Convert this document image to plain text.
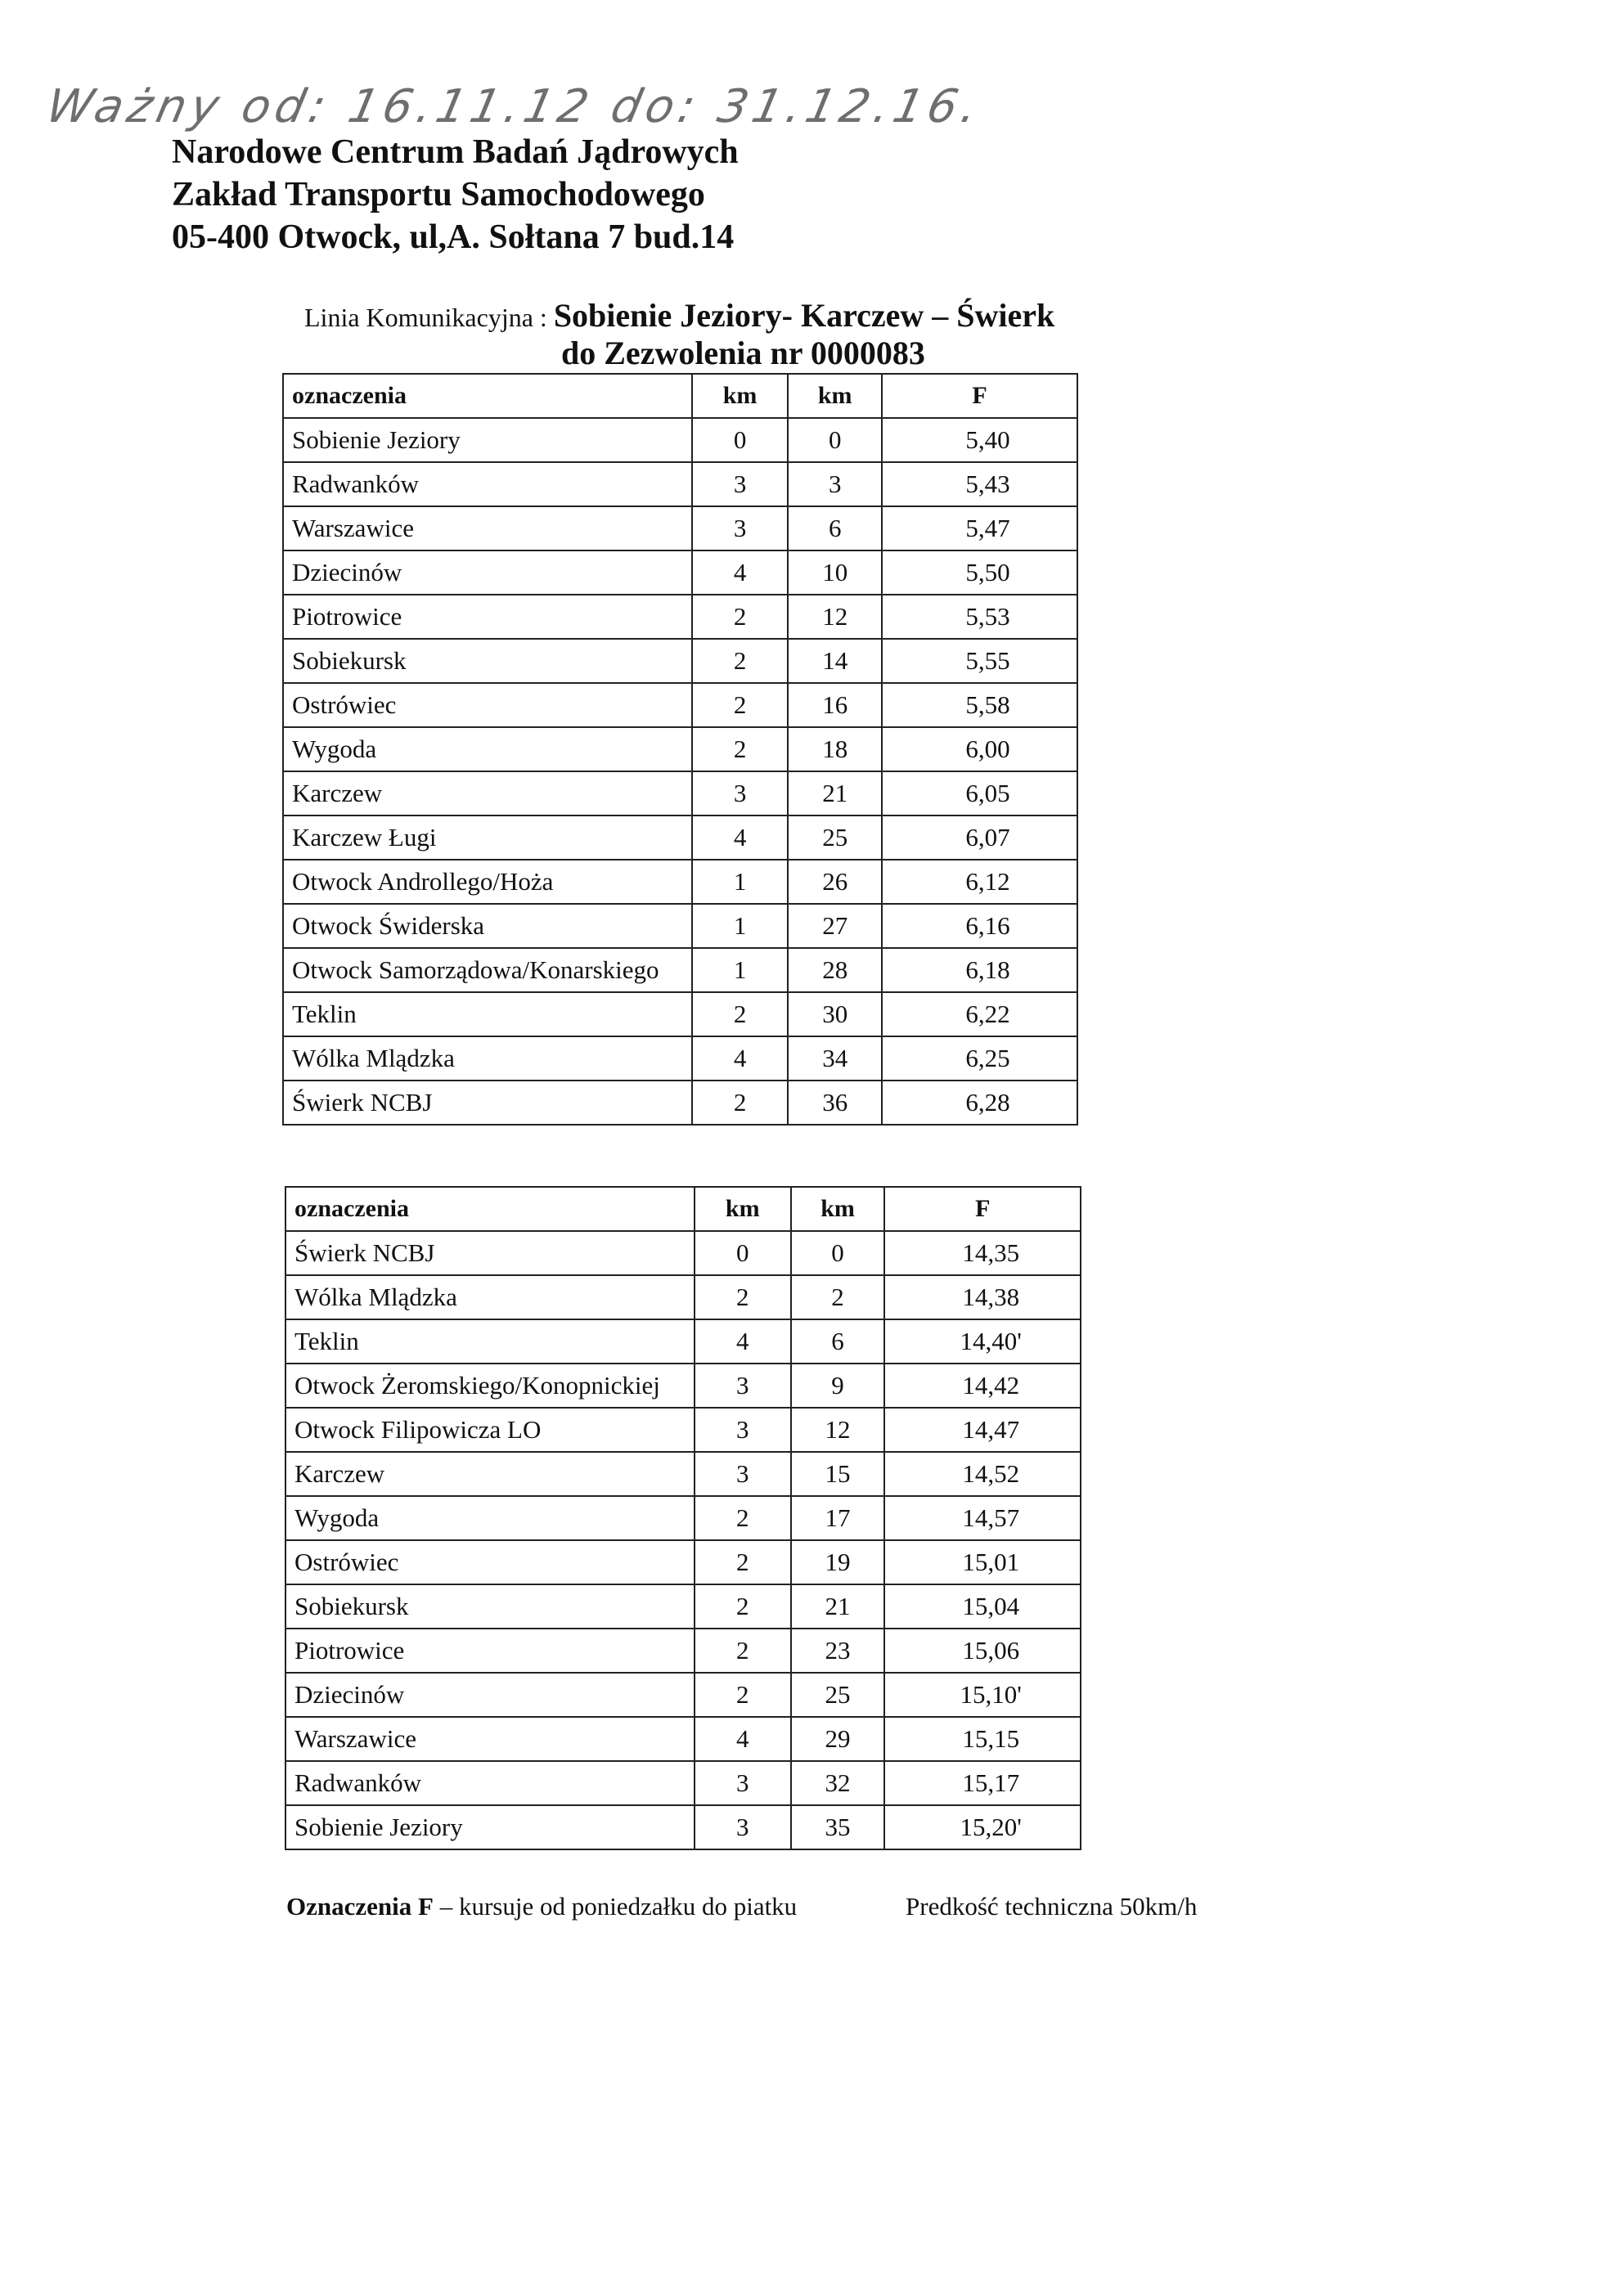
Ważny od: 16.11.12 do: 31.12.16.
Narodowe Centrum Badań Jądrowych
Zakład Transportu Samochodowego
05-400 Otwock, ul,A. Sołtana 7 bud.14
Linia Komunikacyjna : Sobienie Jeziory- Karczew – Świerk
do Zezwolenia nr 0000083
oznaczenia	km	km	F
Sobienie Jeziory	0	0	5,40
Radwanków	3	3	5,43
Warszawice	3	6	5,47
Dziecinów	4	10	5,50
Piotrowice	2	12	5,53
Sobiekursk	2	14	5,55
Ostrówiec	2	16	5,58
Wygoda	2	18	6,00
Karczew	3	21	6,05
Karczew Ługi	4	25	6,07
Otwock Androllego/Hoża	1	26	6,12
Otwock Świderska	1	27	6,16
Otwock Samorządowa/Konarskiego	1	28	6,18
Teklin	2	30	6,22
Wólka Mlądzka	4	34	6,25
Świerk NCBJ	2	36	6,28
oznaczenia	km	km	F
Świerk NCBJ	0	0	14,35
Wólka Mlądzka	2	2	14,38
Teklin	4	6	14,40'
Otwock Żeromskiego/Konopnickiej	3	9	14,42
Otwock Filipowicza LO	3	12	14,47
Karczew	3	15	14,52
Wygoda	2	17	14,57
Ostrówiec	2	19	15,01
Sobiekursk	2	21	15,04
Piotrowice	2	23	15,06
Dziecinów	2	25	15,10'
Warszawice	4	29	15,15
Radwanków	3	32	15,17
Sobienie Jeziory	3	35	15,20'
Oznaczenia F – kursuje od poniedzałku do piatku	Predkość techniczna 50km/h
